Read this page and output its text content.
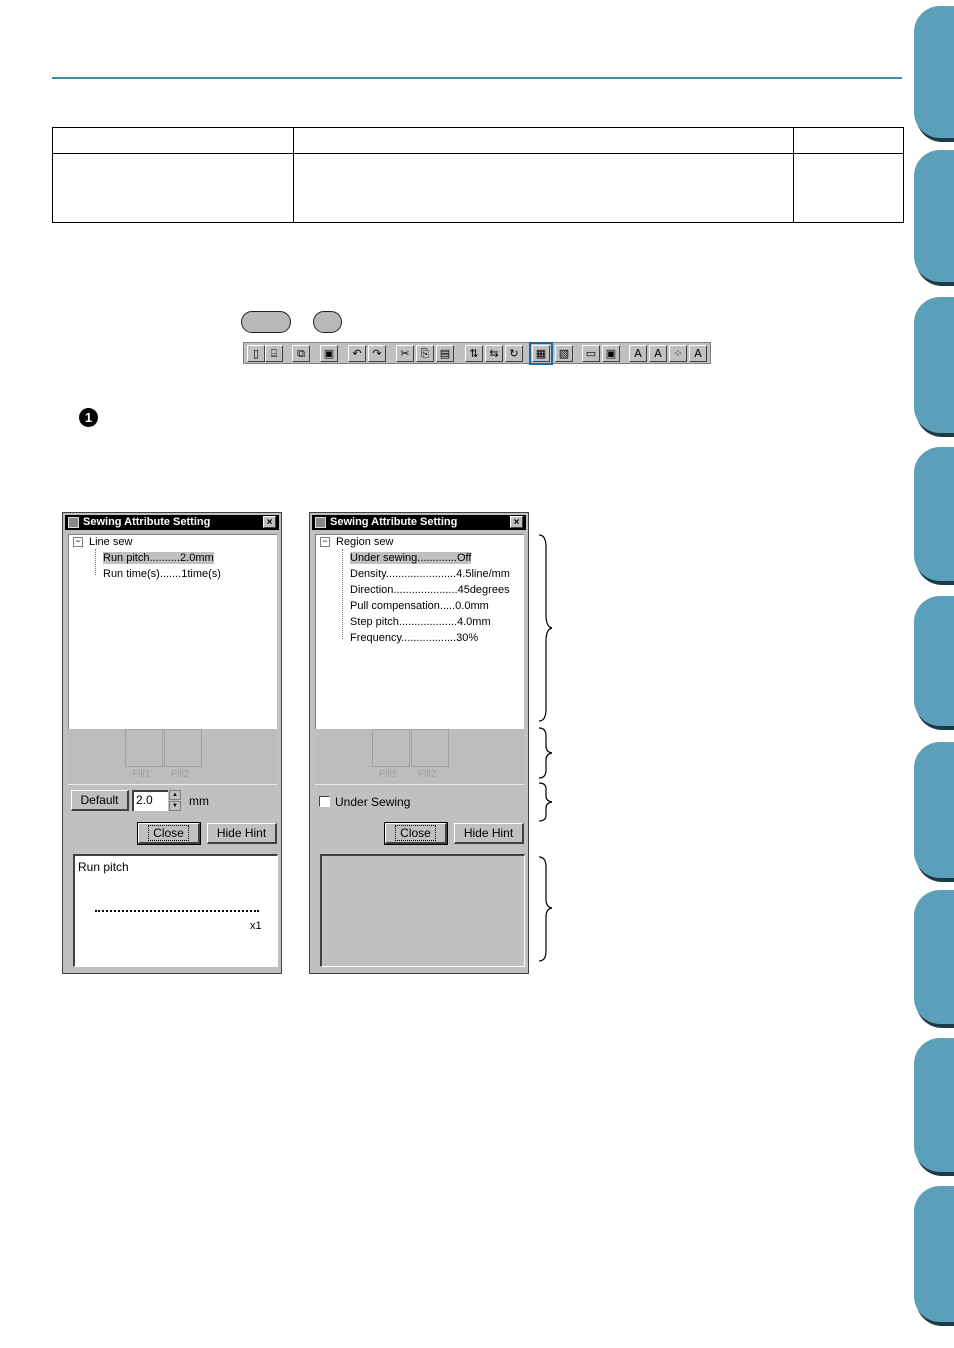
▯	⌸	⧉	▣	↶ ↷	✂ ⎘ ▤	⇅ ⇆ ↻	▦	▧	▭ ▣	A	A	⁘	A
1
Sewing Attribute Setting	×
− Line sew
Run pitch..........2.0mm
Run time(s).......1time(s)
Fill1 Fill2
Default	2.0	▲
▼ mm
Close	Hide Hint
Run pitch
x1
Sewing Attribute Setting	×
− Region sew
Under sewing.............Off
Density.......................4.5line/mm
Direction.....................45degrees
Pull compensation.....0.0mm
Step pitch...................4.0mm
Frequency..................30%
Fill1 Fill2
Under Sewing
Close	Hide Hint
